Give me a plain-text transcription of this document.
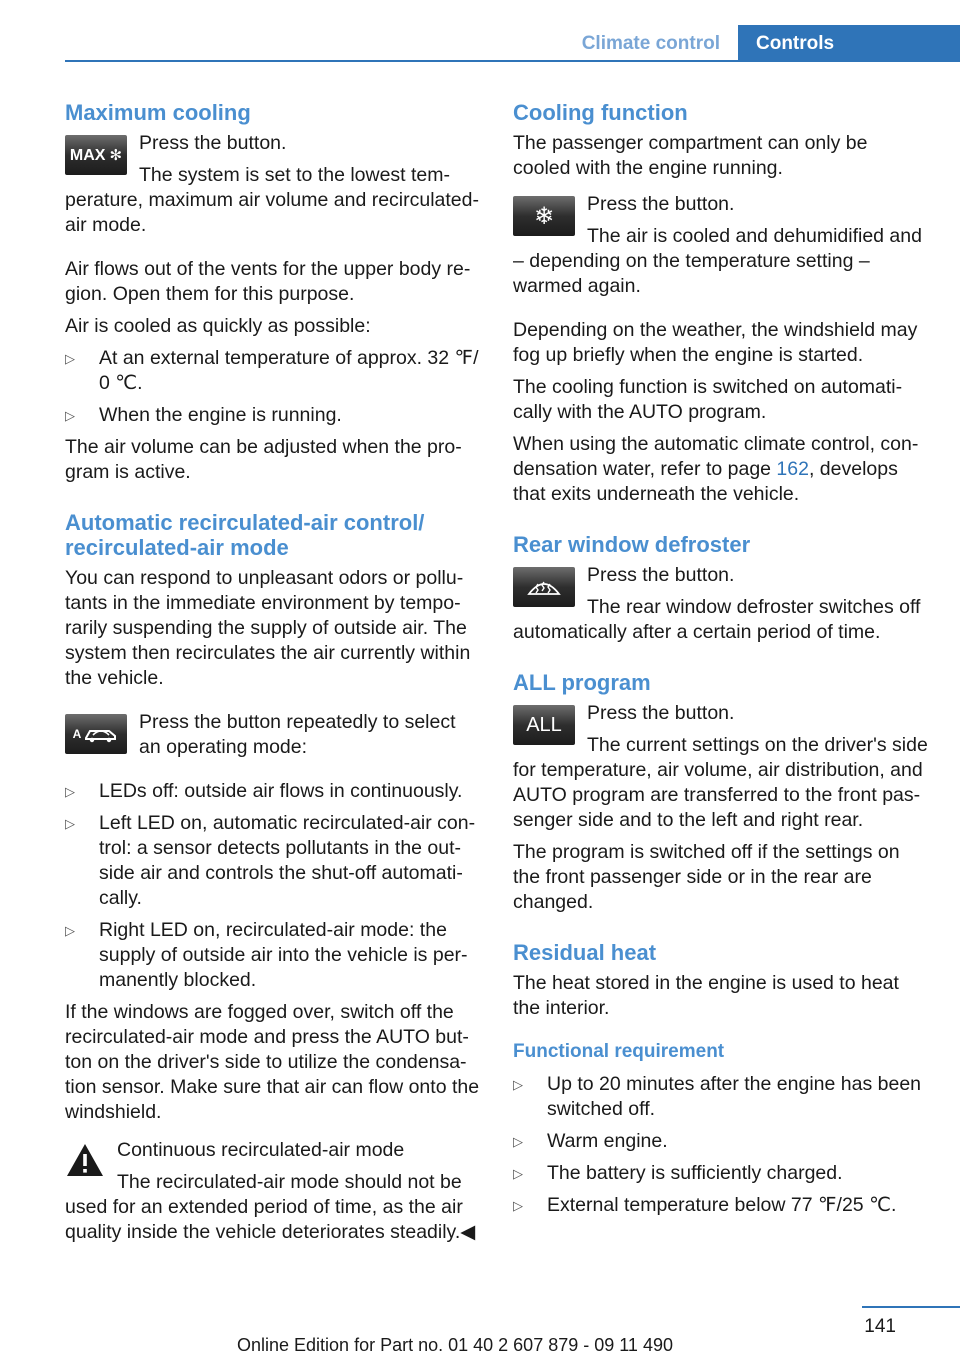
Climate control	Controls
Maximum cooling
MAX ✻

Press the button.

The system is set to the lowest temperature, maximum air volume and recirculated-air mode.

Air flows out of the vents for the upper body region. Open them for this purpose.

Air is cooled as quickly as possible:

▷ At an external temperature of approx. 32 ℉/ 0 ℃.
▷ When the engine is running.

The air volume can be adjusted when the program is active.

Automatic recirculated-air control/ recirculated-air mode

You can respond to unpleasant odors or pollutants in the immediate environment by temporarily suspending the supply of outside air. The system then recirculates the air currently within the vehicle.

A

Press the button repeatedly to select an operating mode:

▷ LEDs off: outside air flows in continuously.
▷ Left LED on, automatic recirculated-air control: a sensor detects pollutants in the outside air and controls the shut-off automatically.
▷ Right LED on, recirculated-air mode: the supply of outside air into the vehicle is permanently blocked.

If the windows are fogged over, switch off the recirculated-air mode and press the AUTO button on the driver's side to utilize the condensation sensor. Make sure that air can flow onto the windshield.

Continuous recirculated-air mode

The recirculated-air mode should not be used for an extended period of time, as the air quality inside the vehicle deteriorates steadily.◀

Cooling function

The passenger compartment can only be cooled with the engine running.

❄	Press the button.

The air is cooled and dehumidified and – depending on the temperature setting – warmed again.

Depending on the weather, the windshield may fog up briefly when the engine is started.

The cooling function is switched on automatically with the AUTO program.

When using the automatic climate control, condensation water, refer to page 162, develops that exits underneath the vehicle.

Rear window defroster

Press the button.

The rear window defroster switches off automatically after a certain period of time.

ALL program
ALL

Press the button.

The current settings on the driver's side for temperature, air volume, air distribution, and AUTO program are transferred to the front passenger side and to the left and right rear.

The program is switched off if the settings on the front passenger side or in the rear are changed.

Residual heat

The heat stored in the engine is used to heat the interior.

Functional requirement
▷ Up to 20 minutes after the engine has been switched off.
▷ Warm engine.
▷ The battery is sufficiently charged.
▷ External temperature below 77 ℉/25 ℃.
141
Online Edition for Part no. 01 40 2 607 879 - 09 11 490
